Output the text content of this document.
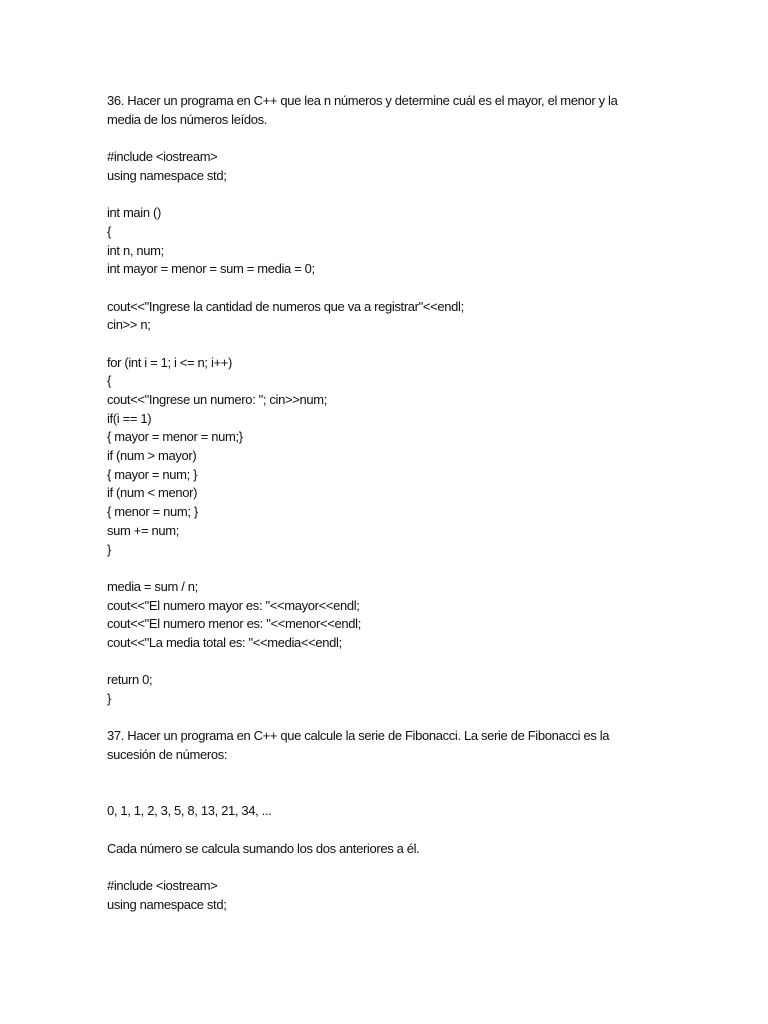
36. Hacer un programa en C++ que lea n números y determine cuál es el mayor, el menor y la
media de los números leídos.
#include <iostream>
using namespace std;
int main ()
{
int n, num;
int mayor = menor = sum = media = 0;
cout<<"Ingrese la cantidad de numeros que va a registrar"<<endl;
cin>> n;
for (int i = 1; i <= n; i++)
{
cout<<"Ingrese un numero: "; cin>>num;
if(i == 1)
{ mayor = menor = num;}
if (num > mayor)
{ mayor = num; }
if (num < menor)
{ menor = num; }
sum += num;
}
media = sum / n;
cout<<"El numero mayor es: "<<mayor<<endl;
cout<<"El numero menor es: "<<menor<<endl;
cout<<"La media total es: "<<media<<endl;
return 0;
}
37. Hacer un programa en C++ que calcule la serie de Fibonacci. La serie de Fibonacci es la
sucesión de números:
0, 1, 1, 2, 3, 5, 8, 13, 21, 34, ...
Cada número se calcula sumando los dos anteriores a él.
#include <iostream>
using namespace std;
